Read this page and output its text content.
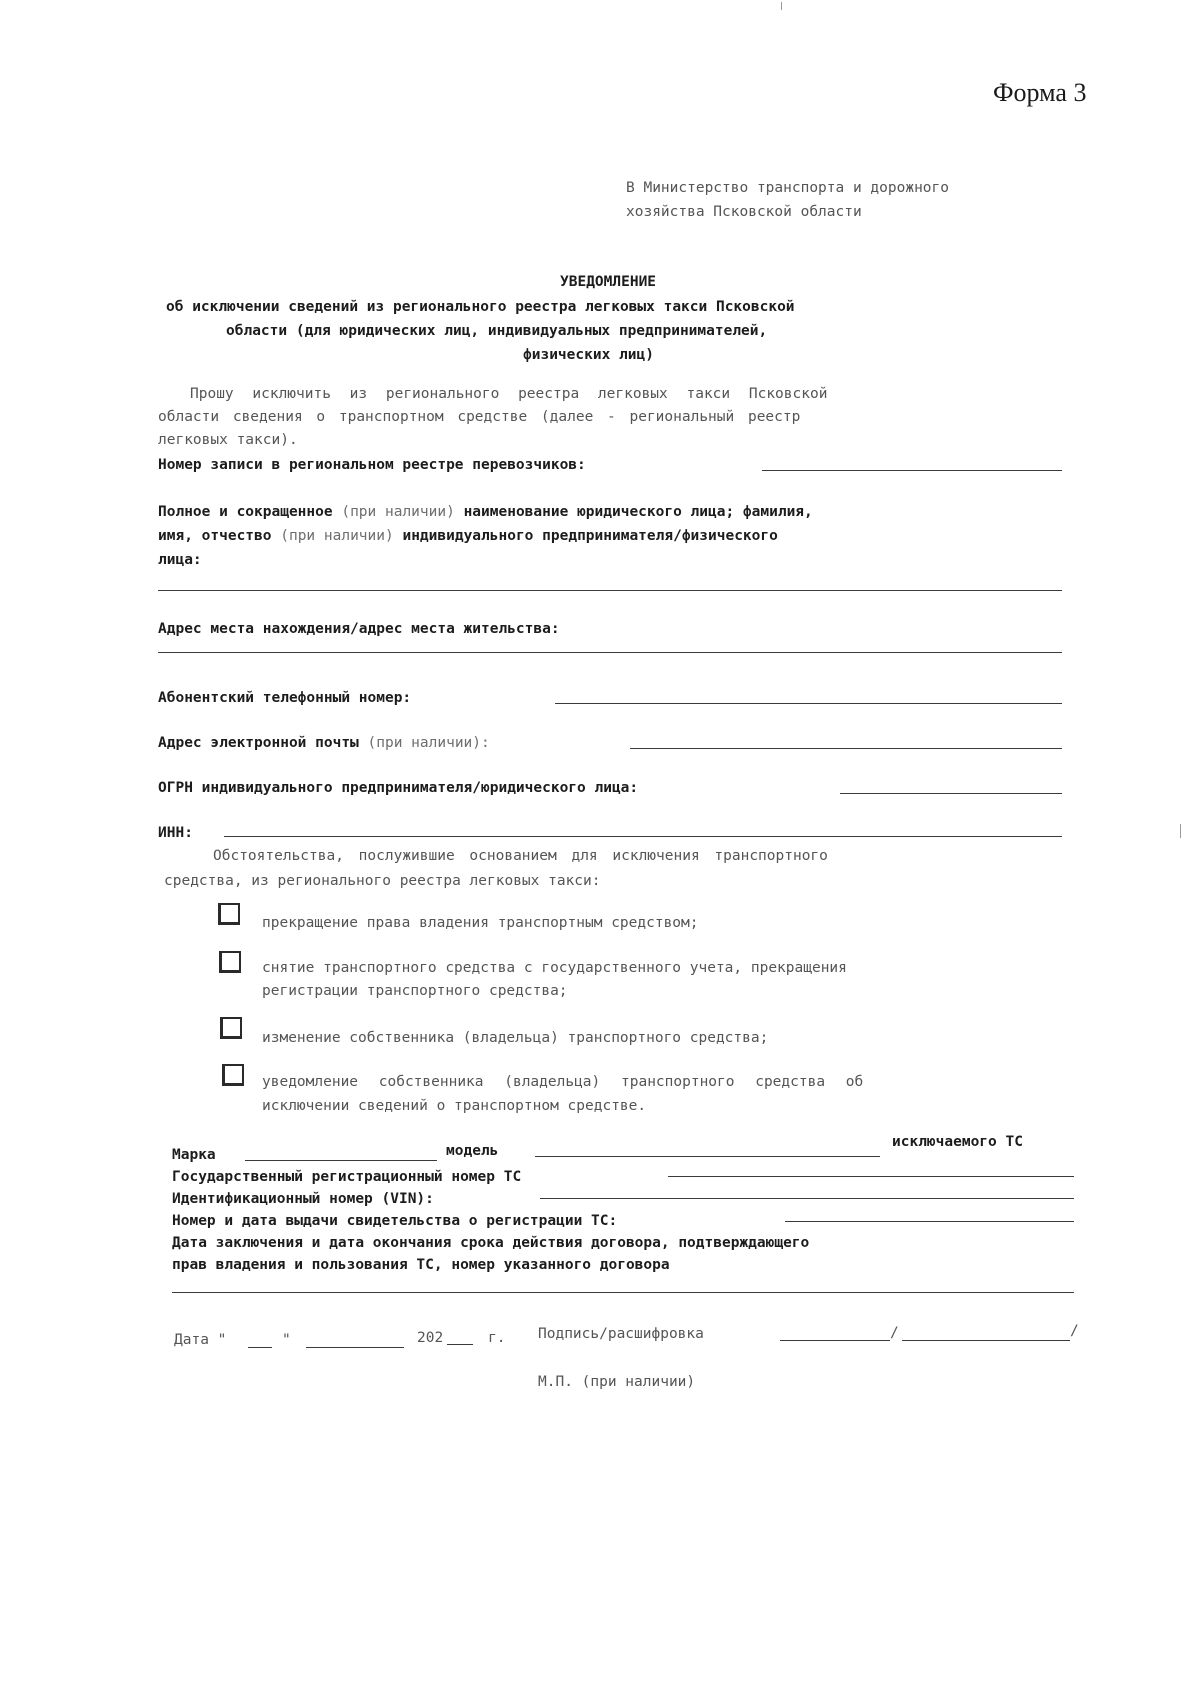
Форма 3
В Министерство транспорта и дорожного
хозяйства Псковской области
УВЕДОМЛЕНИЕ
об исключении сведений из регионального реестра легковых такси Псковской
области (для юридических лиц, индивидуальных предпринимателей,
физических лиц)
Прошу исключить из регионального реестра легковых такси Псковской
области сведения о транспортном средстве (далее - региональный реестр
легковых такси).
Номер записи в региональном реестре перевозчиков:
Полное и сокращенное (при наличии) наименование юридического лица; фамилия,
имя, отчество (при наличии) индивидуального предпринимателя/физического
лица:
Адрес места нахождения/адрес места жительства:
Абонентский телефонный номер:
Адрес электронной почты (при наличии):
ОГРН индивидуального предпринимателя/юридического лица:
ИНН:
Обстоятельства, послужившие основанием для исключения транспортного
средства, из регионального реестра легковых такси:
прекращение права владения транспортным средством;
снятие транспортного средства с государственного учета, прекращения
регистрации транспортного средства;
изменение собственника (владельца) транспортного средства;
уведомление собственника (владельца) транспортного средства об
исключении сведений о транспортном средстве.
Марка	модель
исключаемого ТС
Государственный регистрационный номер ТС
Идентификационный номер (VIN):
Номер и дата выдачи свидетельства о регистрации ТС:
Дата заключения и дата окончания срока действия договора, подтверждающего
прав владения и пользования ТС, номер указанного договора
Дата "	"	202	г. Подпись/расшифровка	/	/
М.П. (при наличии)
